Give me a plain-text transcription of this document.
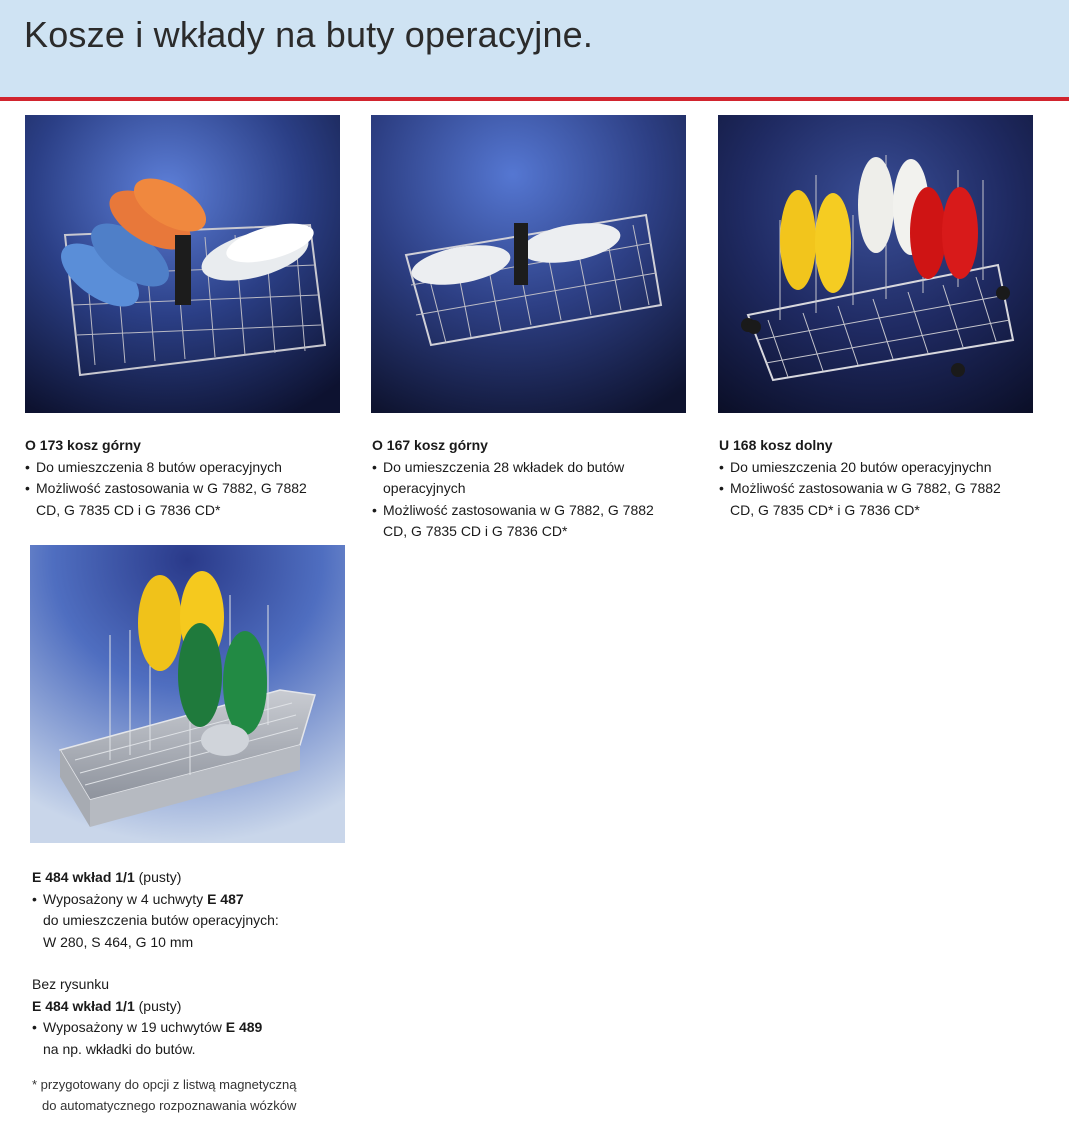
Kosze i wkłady na buty operacyjne.
O 173 kosz górny
• Do umieszczenia 8 butów operacyjnych
• Możliwość zastosowania w G 7882, G 7882
CD, G 7835 CD i G 7836 CD*
O 167 kosz górny
• Do umieszczenia 28 wkładek do butów
operacyjnych
• Możliwość zastosowania w G 7882, G 7882
CD, G 7835 CD i G 7836 CD*
U 168 kosz dolny
• Do umieszczenia 20 butów operacyjnychn
• Możliwość zastosowania w G 7882, G 7882
CD, G 7835 CD* i G 7836 CD*
E 484 wkład 1/1 (pusty)
• Wyposażony w 4 uchwyty E 487
do umieszczenia butów operacyjnych:
W 280, S 464, G 10 mm
Bez rysunku
E 484 wkład 1/1 (pusty)
• Wyposażony w 19 uchwytów E 489
na np. wkładki do butów.
* przygotowany do opcji z listwą magnetyczną
do automatycznego rozpoznawania wózków
